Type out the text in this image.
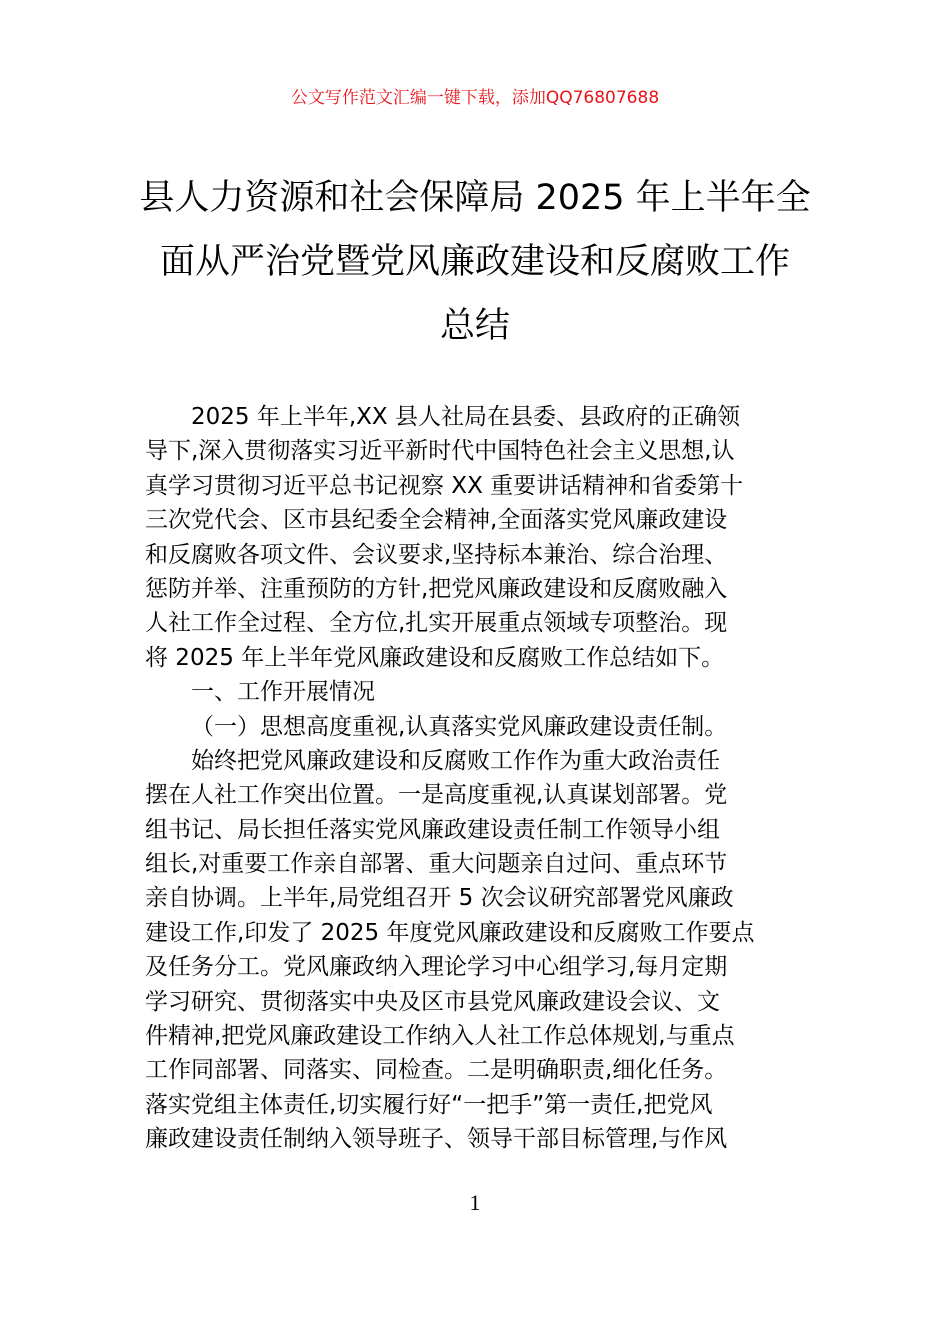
公文写作范文汇编一键下载，添加QQ76807688
县人力资源和社会保障局 2025 年上半年全
面从严治党暨党风廉政建设和反腐败工作
总结
2025 年上半年,XX 县人社局在县委、县政府的正确领
导下,深入贯彻落实习近平新时代中国特色社会主义思想,认
真学习贯彻习近平总书记视察 XX 重要讲话精神和省委第十
三次党代会、区市县纪委全会精神,全面落实党风廉政建设
和反腐败各项文件、会议要求,坚持标本兼治、综合治理、
惩防并举、注重预防的方针,把党风廉政建设和反腐败融入
人社工作全过程、全方位,扎实开展重点领域专项整治。现
将 2025 年上半年党风廉政建设和反腐败工作总结如下。
一、工作开展情况
（一）思想高度重视,认真落实党风廉政建设责任制。
始终把党风廉政建设和反腐败工作作为重大政治责任
摆在人社工作突出位置。一是高度重视,认真谋划部署。党
组书记、局长担任落实党风廉政建设责任制工作领导小组
组长,对重要工作亲自部署、重大问题亲自过问、重点环节
亲自协调。上半年,局党组召开 5 次会议研究部署党风廉政
建设工作,印发了 2025 年度党风廉政建设和反腐败工作要点
及任务分工。党风廉政纳入理论学习中心组学习,每月定期
学习研究、贯彻落实中央及区市县党风廉政建设会议、文
件精神,把党风廉政建设工作纳入人社工作总体规划,与重点
工作同部署、同落实、同检查。二是明确职责,细化任务。
落实党组主体责任,切实履行好“一把手”第一责任,把党风
廉政建设责任制纳入领导班子、领导干部目标管理,与作风
1
